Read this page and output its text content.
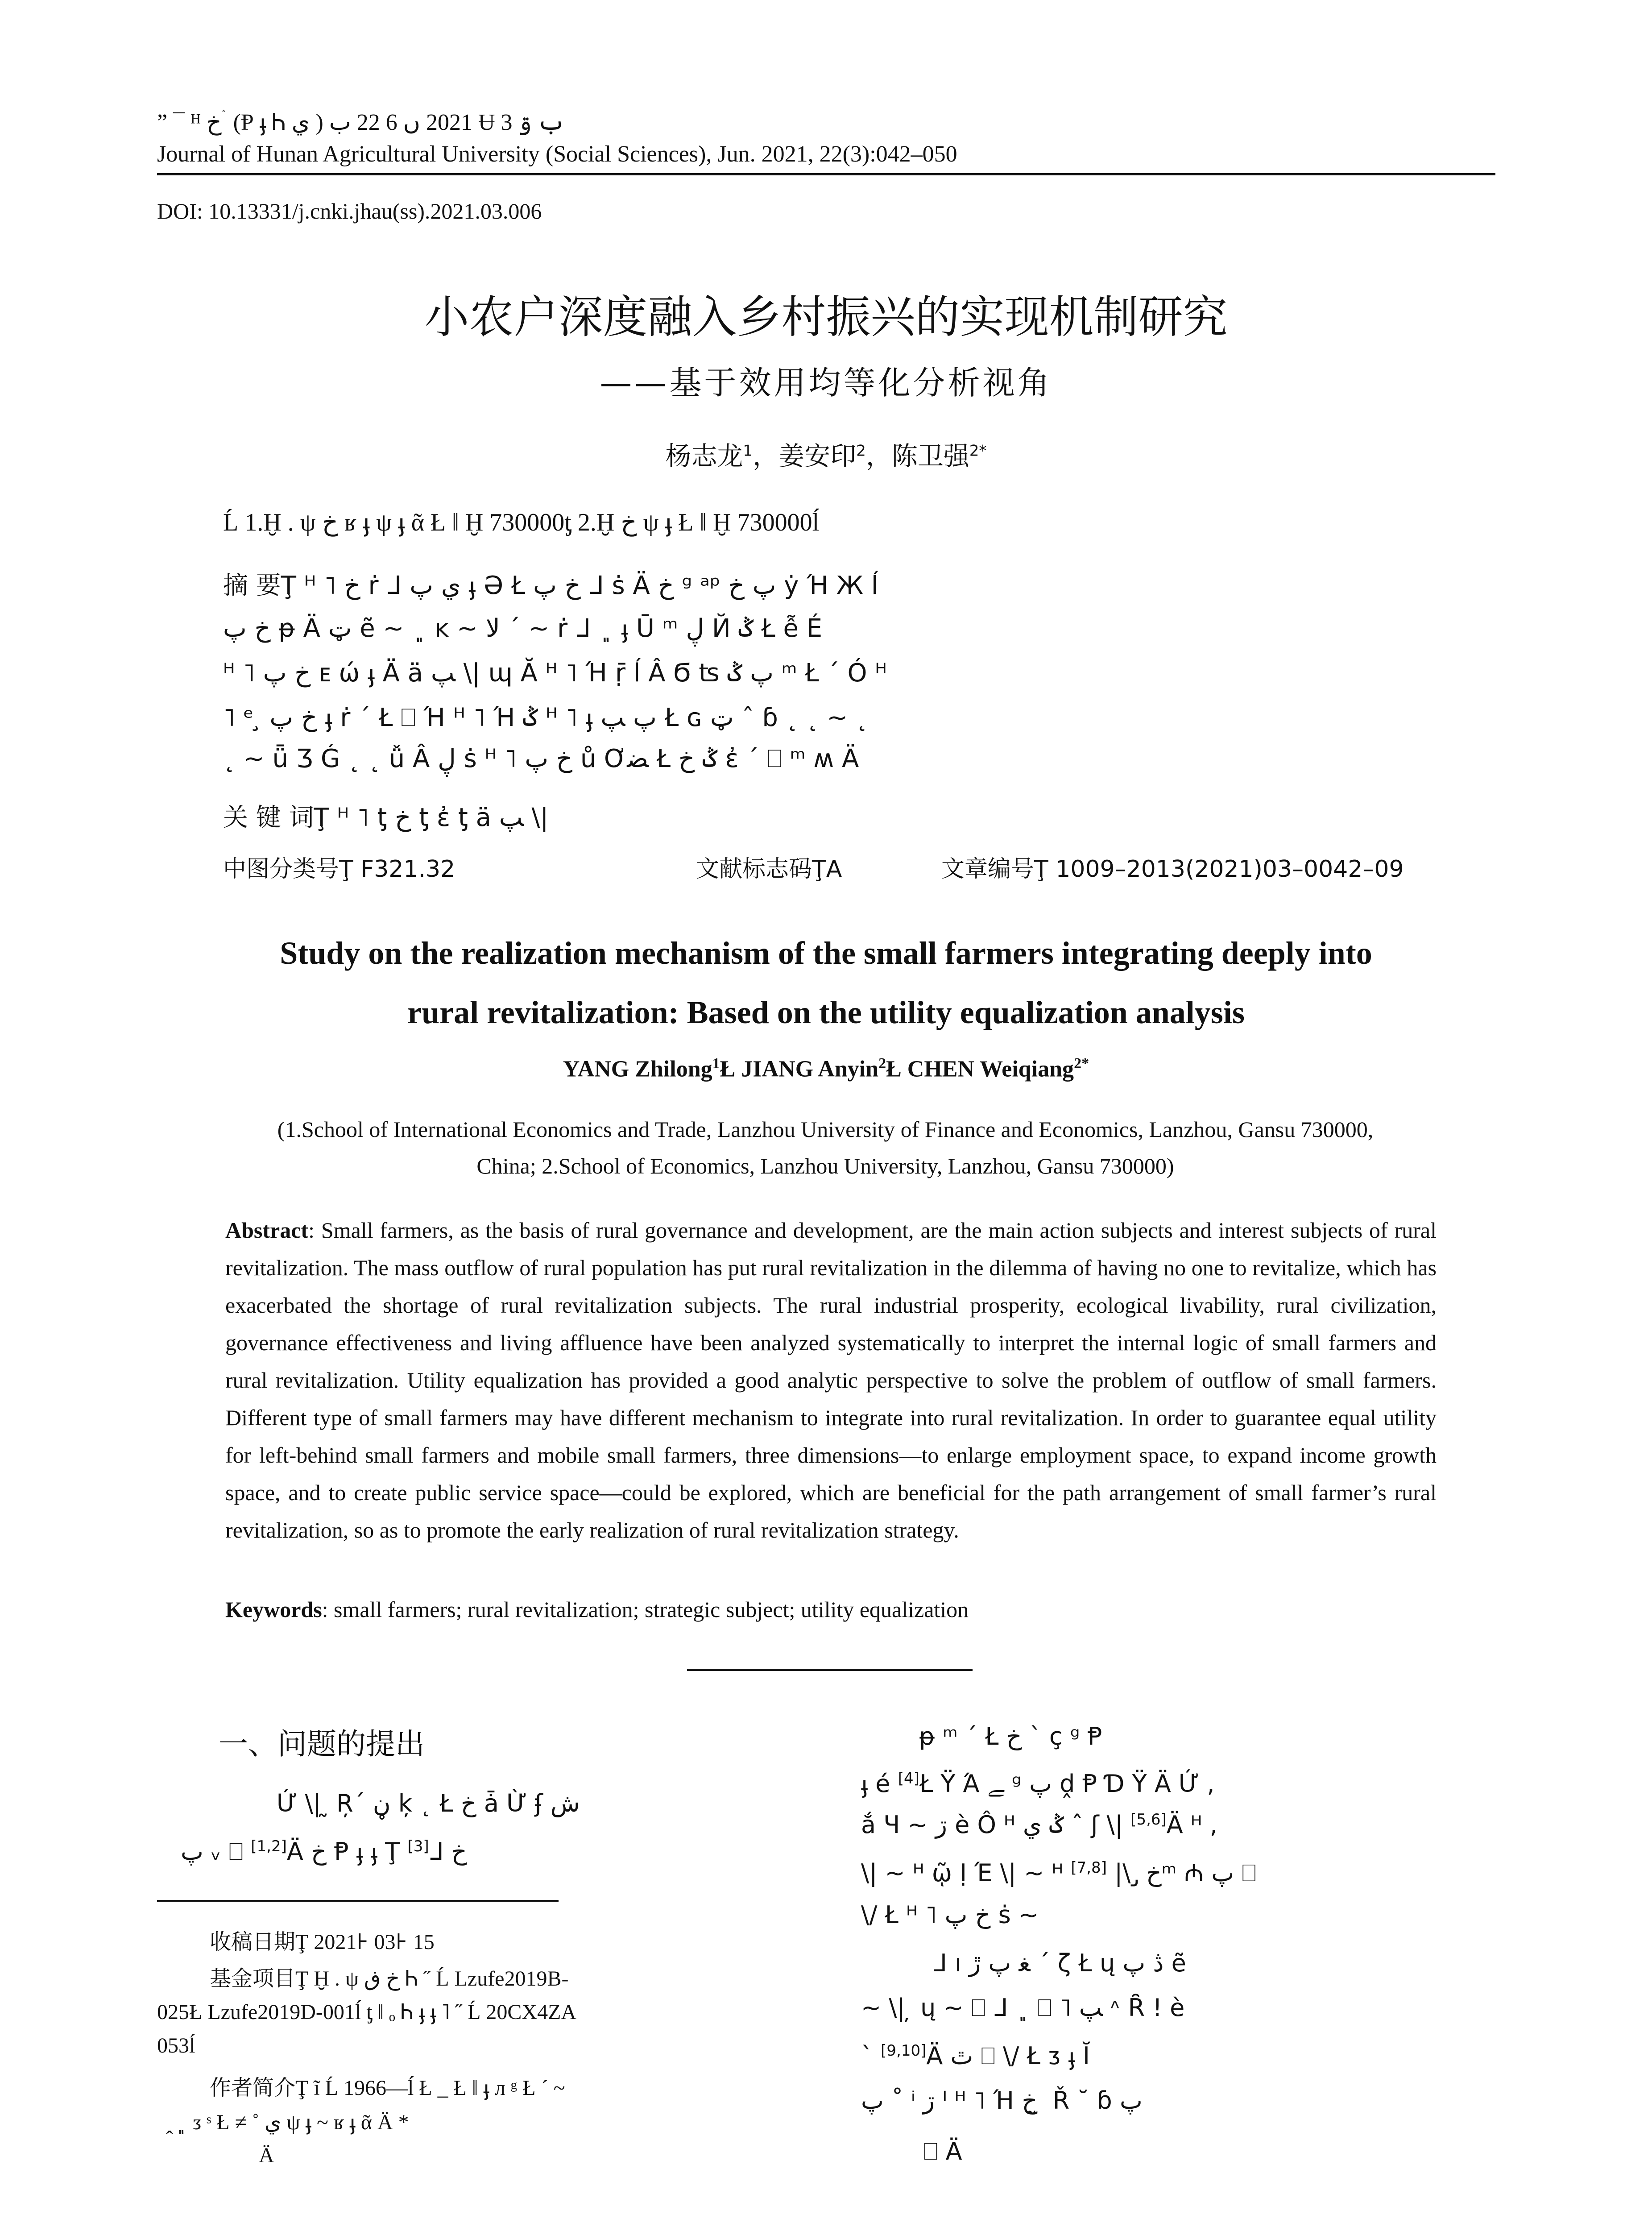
” ¯ ᴴ ﺥ ۛ (Ᵽ ֈ Ꮒ ي ) 2021 ں 6 22 ب Ʉ 3 ب ۊ
Journal of Hunan Agricultural University (Social Sciences), Jun. 2021, 22(3):042–050
DOI: 10.13331/j.cnki.jhau(ss).2021.03.006
小农户深度融入乡村振兴的实现机制研究
——基于效用均等化分析视角
杨志龙$^1$，姜安印$^2$，陈卫强$^{2*}$
Ĺ 1.Ḫ . ψ ﺥ ʁ ֈ ψ ֈ ᾶ Ł ǁ Ḫ 730000ƫ 2.Ḫ ﺥ ψ ֈ Ł ǁ Ḫ 730000ĺ
摘 要Ţ ᴴ ˥ ﺥ ṙ ᒧ ي ﭖ ֈ Ə Ł ﺥ ﭖ ᒧ ṡ Ä ﺥ ᵍ ᵃᵖ ﭖ ﺥ ẏ Ή Ж ĺ
ﺥ ﭖ ᵽ Ä ټ ẽ ~ ﮼ ĸ ~ ﻻ ´ ~ ṙ ᒧ ﮼ ֈ Ū ᵐ ڸ Й ݣ Ł ễ É
ᴴ ˥ ﺥ ﭖ ᴇ ώ ֈ Ä ä ﭗ \| ɰ Ă ᴴ ˥ Ή ṝ ĺ Â Ϭ ʦ ﭖ ݣ ᵐ Ł ´ Ó ᴴ
˥ ᵉ ̧ ﺥ ﭖ ֈ ṙ ´ Ł ⎕ Ή ᴴ ˥ Ή ݣ ᴴ ˥ ֈ ﭖ ﭗ Ł ɢ ټ ˆ ɓ ˛ ˛ ~ ˛
˛ ~ ǖ Ʒ Ǵ ˛ ˛ ǚ Â ڸ ṡ ᴴ ˥ ﺥ ﭖ ů Ơﻀ Ł ݣ ﺥ ἐ ´ ⎕ ᵐ ʍ Ä
关 键 词Ţ ᴴ ˥ ƫ ﺥ ƫ ἐ ƫ ä ﭗ \|
中图分类号Ţ F321.32	文献标志码ŢA	文章编号Ţ 1009–2013(2021)03–0042–09
Study on the realization mechanism of the small farmers integrating deeply into
rural revitalization: Based on the utility equalization analysis
YANG Zhilong$^1$Ł JIANG Anyin$^2$Ł CHEN Weiqiang$^{2*}$
(1.School of International Economics and Trade, Lanzhou University of Finance and Economics, Lanzhou, Gansu 730000, China; 2.School of Economics, Lanzhou University, Lanzhou, Gansu 730000)
Abstract: Small farmers, as the basis of rural governance and development, are the main action subjects and interest subjects of rural revitalization. The mass outflow of rural population has put rural revitalization in the dilemma of having no one to revitalize, which has exacerbated the shortage of rural revitalization subjects. The rural industrial prosperity, ecological livability, rural civilization, governance effectiveness and living affluence have been analyzed systematically to interpret the internal logic of small farmers and rural revitalization. Utility equalization has provided a good analytic perspective to solve the problem of outflow of small farmers. Different type of small farmers may have different mechanism to integrate into rural revitalization. In order to guarantee equal utility for left-behind small farmers and mobile small farmers, three dimensions—to enlarge employment space, to expand income growth space, and to create public service space—could be explored, which are beneficial for the path arrangement of small farmer’s rural revitalization, so as to promote the early realization of rural revitalization strategy.
Keywords: small farmers; rural revitalization; strategic subject; utility equalization
一、问题的提出
Ứ \| ̰ Ŗ´ ڼ ķ ˛ Ł ﺥ ǡ Ừ ʄ ﺵ
ﭖ ᵥ ⎕ [1,2]Ä ﺥ Ᵽ ֈ ֈ Ţ [3]ᒧ ﺥ
收稿日期Ţ 2021⊦ 03⊦ 15
基金项目Ţ Ḫ . ψ ﺥ ڧ Ꮒ ˝ Ĺ Lzufe2019B-
025Ł Lzufe2019D-001ĺ ƫ ǁ ₒ Ꮒ ֈ ֈ ˥ ˝ Ĺ 20CX4ZA
053ĺ
作者简介Ţ ĩ Ĺ 1966—ĺ Ł _ Ł ǁ ֈ л ᵍ Ł ´ ~
̭ ﮼ ᴣ ˢ Ł ≠ ˚ ي ψ ֈ ~ ʁ ֈ ᾶ Ä *
Ä
ᵽ ᵐ ´ Ł ﺥ ` ç ᵍ Ᵽ
ֈ é [4]Ł Ÿ Ά ﮯ ᵍ ﭖ ḓ Ᵽ Ɗ Ÿ Ä Ứ ,
ắ Ч ~ ڗ è Ô ᴴ ݣ ي ˆ ʃ \| [5,6]Ä ᴴ ,
\| ~ ᴴ ῷ Ị Έ \| ~ ᴴ ﺥ ̡ \| [7,8] ᵐ ₼ ﭖ ⎕
\/ Ł ᴴ ˥ ﺥ ﭖ ṡ ~
ᒧ ı ﻐ ﭖ ڙ ´ ζ Ł ų ڎ ﭖ ẽ
~ \| ̦ ų ~ ⎕ ᒧ ﮼ ⎕ ˥ ﭗ ᶺ Ȓ ! è
` [9,10]Ä ٿ ⎕ \/ Ł ᴣ ֈ Ĭ
ﭖ ˚ ⁱ ڗ ᑊ ᴴ ˥ Ή ﺥ ̰ Ř ˘ ɓ ﭖ
⎕ Ä
